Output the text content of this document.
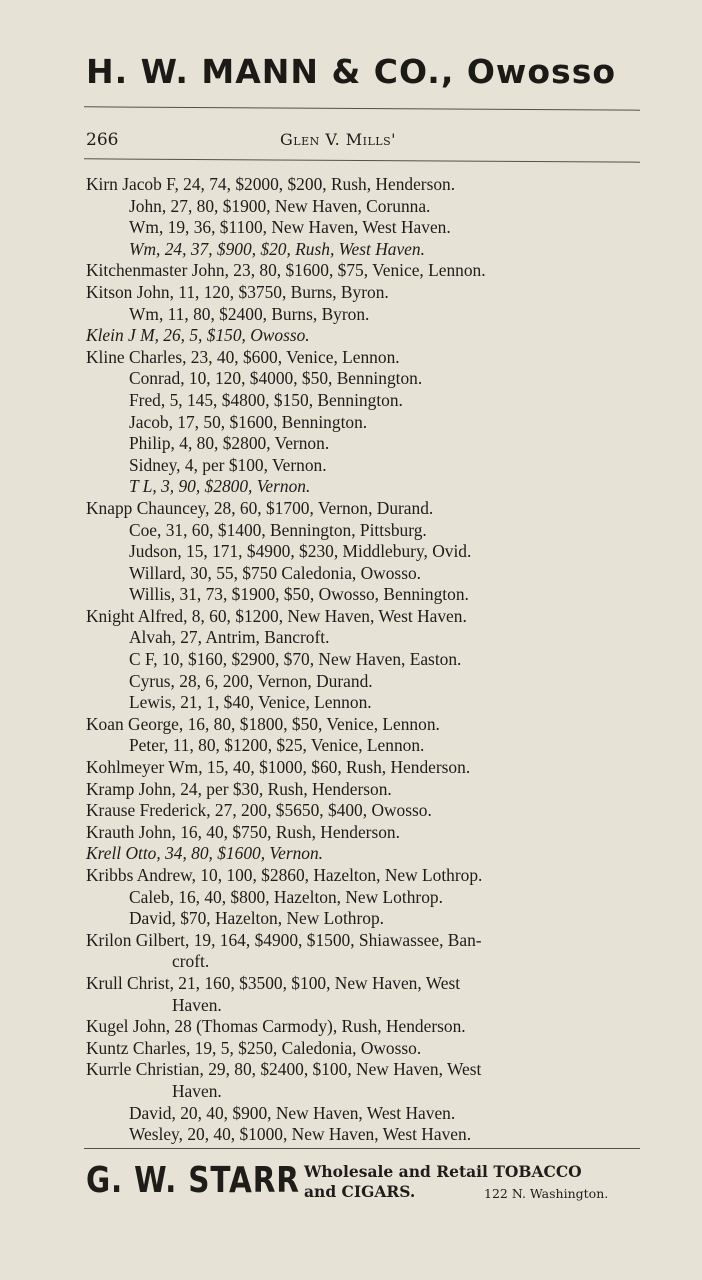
H. W. MANN & CO., Owosso
266	Glen V. Mills'
Kirn Jacob F, 24, 74, $2000, $200, Rush, Henderson.
John, 27, 80, $1900, New Haven, Corunna.
Wm, 19, 36, $1100, New Haven, West Haven.
Wm, 24, 37, $900, $20, Rush, West Haven.
Kitchenmaster John, 23, 80, $1600, $75, Venice, Lennon.
Kitson John, 11, 120, $3750, Burns, Byron.
Wm, 11, 80, $2400, Burns, Byron.
Klein J M, 26, 5, $150, Owosso.
Kline Charles, 23, 40, $600, Venice, Lennon.
Conrad, 10, 120, $4000, $50, Bennington.
Fred, 5, 145, $4800, $150, Bennington.
Jacob, 17, 50, $1600, Bennington.
Philip, 4, 80, $2800, Vernon.
Sidney, 4, per $100, Vernon.
T L, 3, 90, $2800, Vernon.
Knapp Chauncey, 28, 60, $1700, Vernon, Durand.
Coe, 31, 60, $1400, Bennington, Pittsburg.
Judson, 15, 171, $4900, $230, Middlebury, Ovid.
Willard, 30, 55, $750 Caledonia, Owosso.
Willis, 31, 73, $1900, $50, Owosso, Bennington.
Knight Alfred, 8, 60, $1200, New Haven, West Haven.
Alvah, 27, Antrim, Bancroft.
C F, 10, $160, $2900, $70, New Haven, Easton.
Cyrus, 28, 6, 200, Vernon, Durand.
Lewis, 21, 1, $40, Venice, Lennon.
Koan George, 16, 80, $1800, $50, Venice, Lennon.
Peter, 11, 80, $1200, $25, Venice, Lennon.
Kohlmeyer Wm, 15, 40, $1000, $60, Rush, Henderson.
Kramp John, 24, per $30, Rush, Henderson.
Krause Frederick, 27, 200, $5650, $400, Owosso.
Krauth John, 16, 40, $750, Rush, Henderson.
Krell Otto, 34, 80, $1600, Vernon.
Kribbs Andrew, 10, 100, $2860, Hazelton, New Lothrop.
Caleb, 16, 40, $800, Hazelton, New Lothrop.
David, $70, Hazelton, New Lothrop.
Krilon Gilbert, 19, 164, $4900, $1500, Shiawassee, Ban-
croft.
Krull Christ, 21, 160, $3500, $100, New Haven, West
Haven.
Kugel John, 28 (Thomas Carmody), Rush, Henderson.
Kuntz Charles, 19, 5, $250, Caledonia, Owosso.
Kurrle Christian, 29, 80, $2400, $100, New Haven, West
Haven.
David, 20, 40, $900, New Haven, West Haven.
Wesley, 20, 40, $1000, New Haven, West Haven.
G. W. STARR Wholesale and Retail TOBACCO
and CIGARS.	122 N. Washington.
